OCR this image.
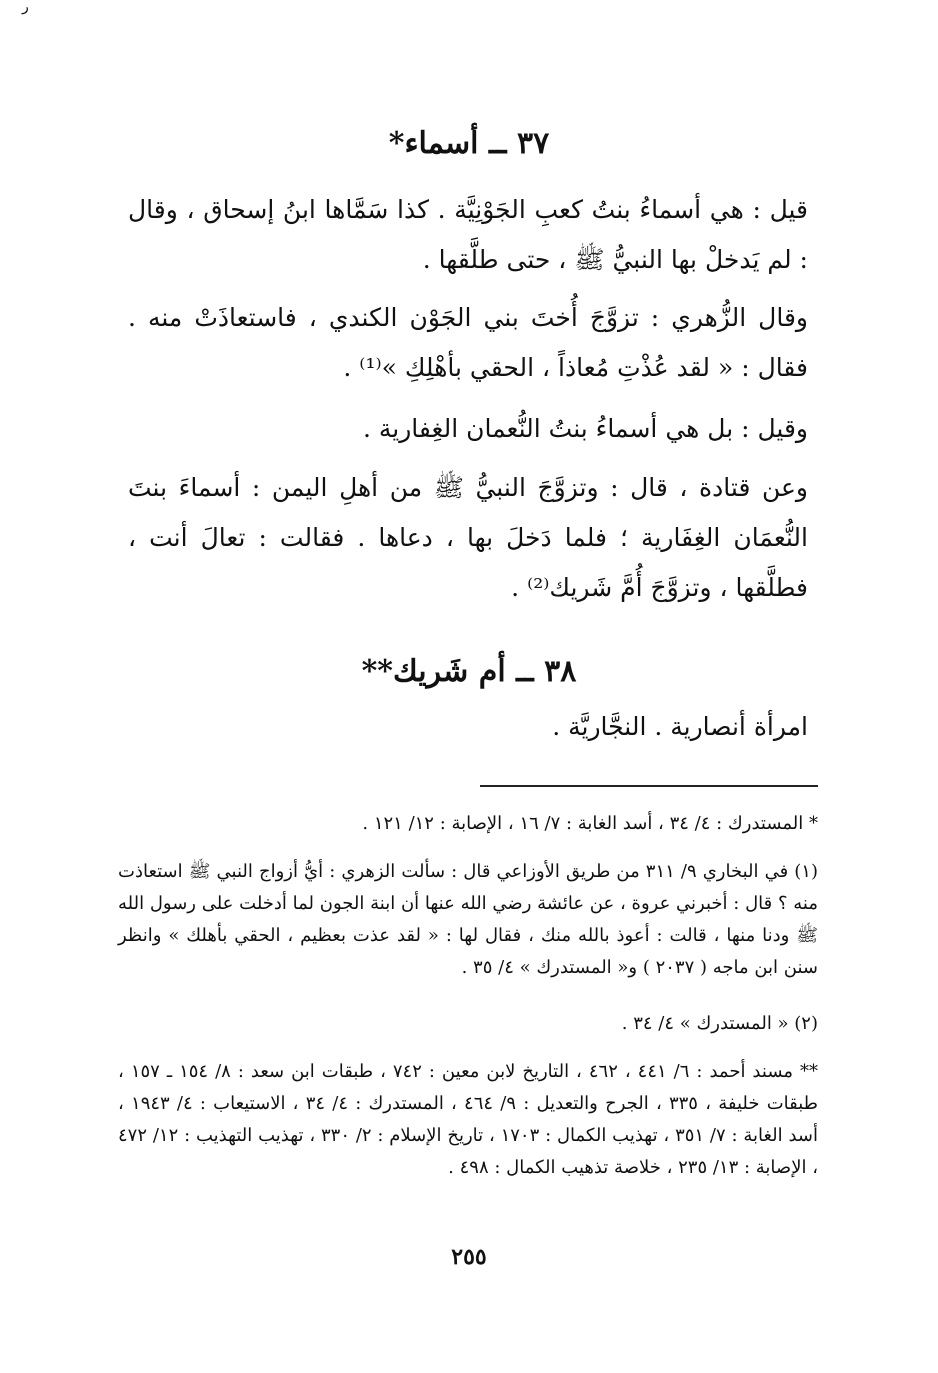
ر
٣٧ ــ أسماء*

قيل : هي أسماءُ بنتُ كعبِ الجَوْنِيَّة . كذا سَمَّاها ابنُ إسحاق ، وقال : لم يَدخلْ بها النبيُّ ﷺ ، حتى طلَّقها .

وقال الزُّهري : تزوَّجَ أُختَ بني الجَوْن الكندي ، فاستعاذَتْ منه . فقال : « لقد عُذْتِ مُعاذاً ، الحقي بأهْلِكِ »⁽¹⁾ .

وقيل : بل هي أسماءُ بنتُ النُّعمان الغِفارية .

وعن قتادة ، قال : وتزوَّجَ النبيُّ ﷺ من أهلِ اليمن : أسماءَ بنتَ النُّعمَان الغِفَارية ؛ فلما دَخلَ بها ، دعاها . فقالت : تعالَ أنت ، فطلَّقها ، وتزوَّجَ أُمَّ شَريك⁽²⁾ .

٣٨ ــ أم شَريك**

امرأة أنصارية . النجَّاريَّة .

* المستدرك : ٤/ ٣٤ ، أسد الغابة : ٧/ ١٦ ، الإصابة : ١٢/ ١٢١ .

(١) في البخاري ٩/ ٣١١ من طريق الأوزاعي قال : سألت الزهري : أيُّ أزواج النبي ﷺ استعاذت منه ؟ قال : أخبرني عروة ، عن عائشة رضي الله عنها أن ابنة الجون لما أدخلت على رسول الله ﷺ ودنا منها ، قالت : أعوذ بالله منك ، فقال لها : « لقد عذت بعظيم ، الحقي بأهلك » وانظر سنن ابن ماجه ( ٢٠٣٧ ) و« المستدرك » ٤/ ٣٥ .

(٢) « المستدرك » ٤/ ٣٤ .

** مسند أحمد : ٦/ ٤٤١ ، ٤٦٢ ، التاريخ لابن معين : ٧٤٢ ، طبقات ابن سعد : ٨/ ١٥٤ ـ ١٥٧ ، طبقات خليفة ، ٣٣٥ ، الجرح والتعديل : ٩/ ٤٦٤ ، المستدرك : ٤/ ٣٤ ، الاستيعاب : ٤/ ١٩٤٣ ، أسد الغابة : ٧/ ٣٥١ ، تهذيب الكمال : ١٧٠٣ ، تاريخ الإسلام : ٢/ ٣٣٠ ، تهذيب التهذيب : ١٢/ ٤٧٢ ، الإصابة : ١٣/ ٢٣٥ ، خلاصة تذهيب الكمال : ٤٩٨ .

٢٥٥
